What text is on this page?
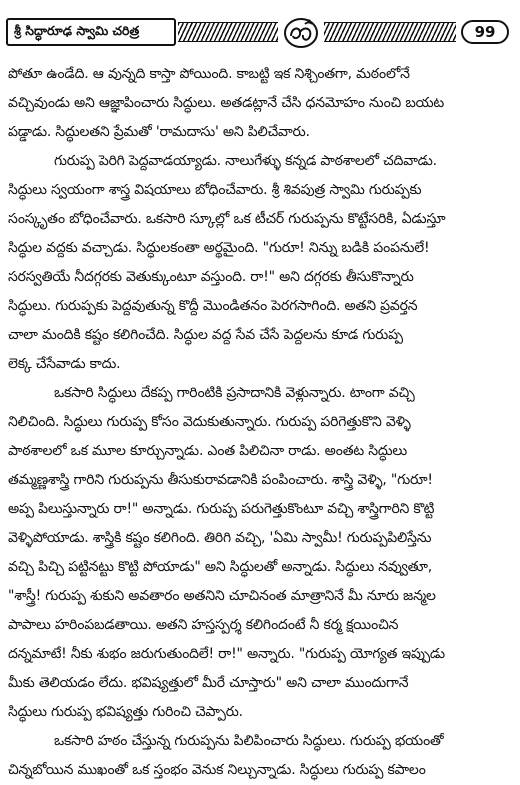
శ్రీ సిద్ధారూఢ స్వామి చరిత్ర	99
పోతూ ఉండేది. ఆ వున్నది కాస్తా పోయింది. కాబట్టి ఇక నిశ్చింతగా, మఠంలోనే
వచ్చివుండు అని ఆజ్ఞాపించారు సిద్ధులు. అతడట్లానే చేసి ధనమోహం నుంచి బయట
పడ్డాడు. సిద్ధులతని ప్రేమతో 'రామదాసు' అని పిలిచేవారు.
గురుప్ప పెరిగి పెద్దవాడయ్యాడు. నాలుగేళ్ళు కన్నడ పాఠశాలలో చదివాడు.
సిద్ధులు స్వయంగా శాస్త్ర విషయాలు బోధించేవారు. శ్రీ శివపుత్ర స్వామి గురుప్పకు
సంస్కృతం బోధించేవారు. ఒకసారి స్కూల్లో ఒక టీచర్ గురుప్పను కొట్టేసరికి, ఏడుస్తూ
సిద్ధుల వద్దకు వచ్చాడు. సిద్ధులకంతా అర్థమైంది. "గురూ! నిన్ను బడికి పంపనులే!
సరస్వతియే నీదగ్గరకు వెతుక్కుంటూ వస్తుంది. రా!" అని దగ్గరకు తీసుకొన్నారు
సిద్ధులు. గురుప్పకు పెద్దవుతున్న కొద్దీ మొండితనం పెరగసాగింది. అతని ప్రవర్తన
చాలా మందికి కష్టం కలిగించేది. సిద్ధుల వద్ద సేవ చేసే పెద్దలను కూడ గురుప్ప
లెక్క చేసేవాడు కాదు.
ఒకసారి సిద్ధులు దేకప్ప గారింటికి ప్రసాదానికి వెళ్లున్నారు. టాంగా వచ్చి
నిలిచింది. సిద్ధులు గురుప్ప కోసం వెదుకుతున్నారు. గురుప్ప పరిగెత్తుకొని వెళ్ళి
పాఠశాలలో ఒక మూల కూర్చున్నాడు. ఎంత పిలిచినా రాడు. అంతట సిద్ధులు
తమ్మణ్ణశాస్త్రి గారిని గురుప్పను తీసుకురావడానికి పంపించారు. శాస్త్రి వెళ్ళి, "గురూ!
అప్ప పిలుస్తున్నారు రా!" అన్నాడు. గురుప్ప పరుగెత్తుకొంటూ వచ్చి శాస్త్రిగారిని కొట్టి
వెళ్ళిపోయాడు. శాస్త్రికి కష్టం కలిగింది. తిరిగి వచ్చి, 'ఏమి స్వామీ! గురుప్పపిలిస్తేను
వచ్చి పిచ్చి పట్టినట్టు కొట్టి పోయాడు" అని సిద్ధులతో అన్నాడు. సిద్ధులు నవ్వుతూ,
"శాస్త్రీ! గురుప్ప శుకుని అవతారం అతనిని చూచినంత మాత్రానినే మీ నూరు జన్మల
పాపాలు హరింపబడతాయి. అతని హస్తస్పర్శ కలిగిందంటే నీ కర్మ క్షయించిన
దన్నమాటే! నీకు శుభం జరుగుతుందిలే! రా!" అన్నారు. "గురుప్ప యోగ్యత ఇప్పుడు
మీకు తెలియడం లేదు. భవిష్యత్తులో మీరే చూస్తారు" అని చాలా ముందుగానే
సిద్ధులు గురుప్ప భవిష్యత్తు గురించి చెప్పారు.
ఒకసారి హఠం చేస్తున్న గురుప్పను పిలిపించారు సిద్ధులు. గురుప్ప భయంతో
చిన్నబోయిన ముఖంతో ఒక స్తంభం వెనుక నిల్చున్నాడు. సిద్ధులు గురుప్ప కపాలం
